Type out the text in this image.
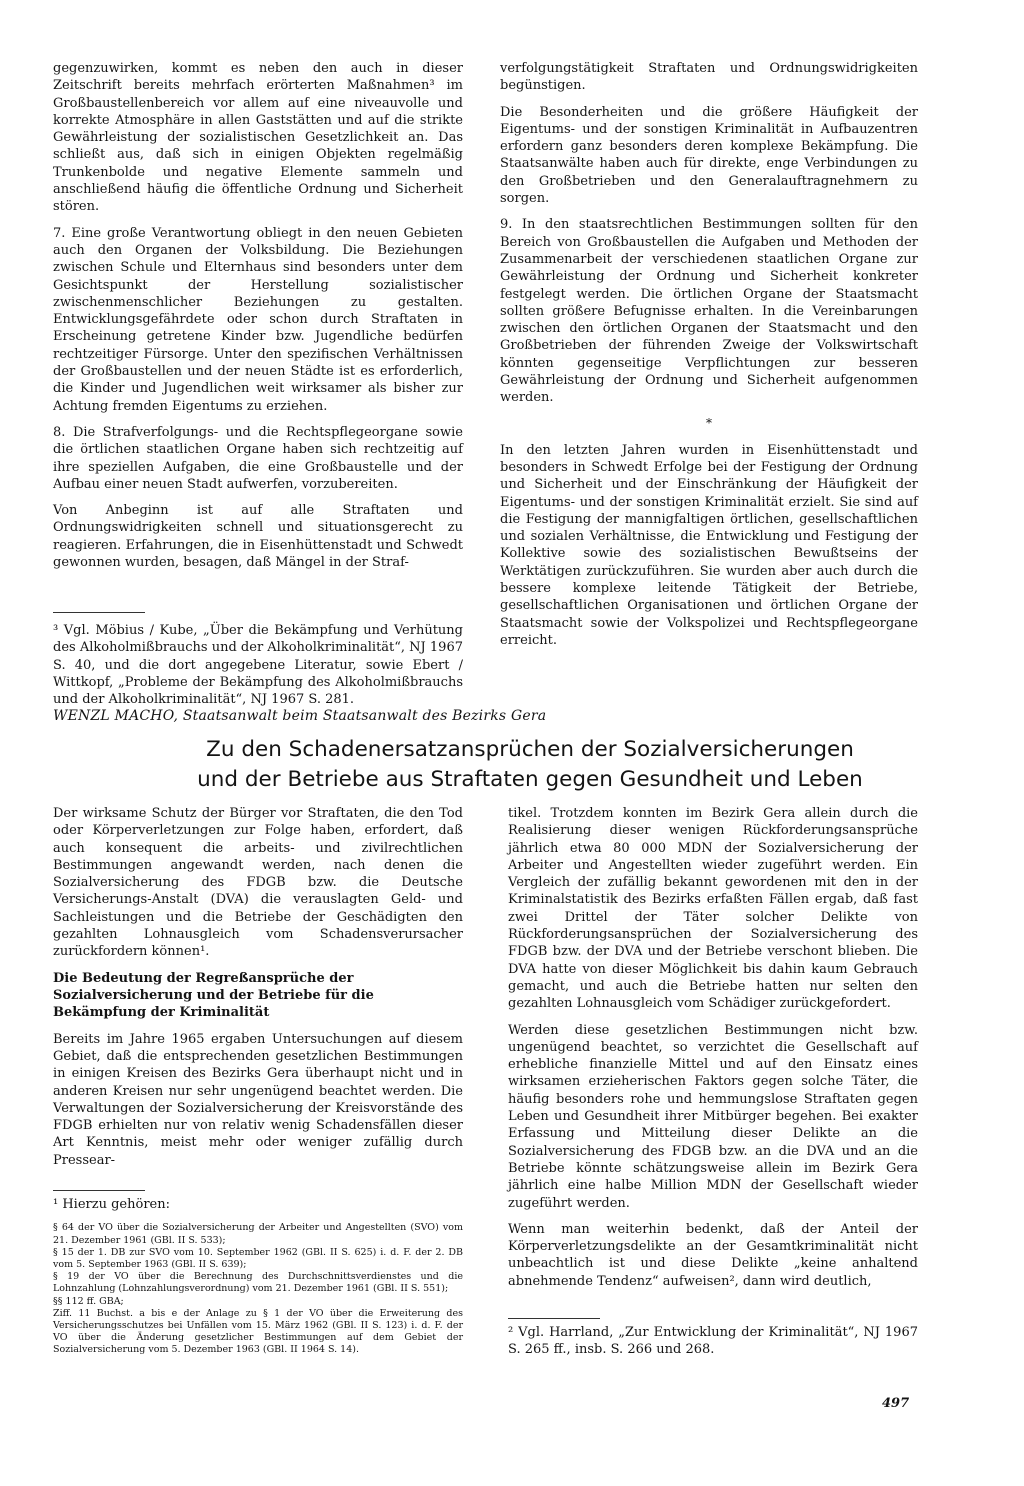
gegenzuwirken, kommt es neben den auch in dieser Zeitschrift bereits mehrfach erörterten Maßnahmen³ im Großbaustellenbereich vor allem auf eine niveauvolle und korrekte Atmosphäre in allen Gaststätten und auf die strikte Gewährleistung der sozialistischen Gesetzlichkeit an. Das schließt aus, daß sich in einigen Objekten regelmäßig Trunkenbolde und negative Elemente sammeln und anschließend häufig die öffentliche Ordnung und Sicherheit stören.

7. Eine große Verantwortung obliegt in den neuen Gebieten auch den Organen der Volksbildung. Die Beziehungen zwischen Schule und Elternhaus sind besonders unter dem Gesichtspunkt der Herstellung sozialistischer zwischenmenschlicher Beziehungen zu gestalten. Entwicklungsgefährdete oder schon durch Straftaten in Erscheinung getretene Kinder bzw. Jugendliche bedürfen rechtzeitiger Fürsorge. Unter den spezifischen Verhältnissen der Großbaustellen und der neuen Städte ist es erforderlich, die Kinder und Jugendlichen weit wirksamer als bisher zur Achtung fremden Eigentums zu erziehen.

8. Die Strafverfolgungs- und die Rechtspflegeorgane sowie die örtlichen staatlichen Organe haben sich rechtzeitig auf ihre speziellen Aufgaben, die eine Großbaustelle und der Aufbau einer neuen Stadt aufwerfen, vorzubereiten.

Von Anbeginn ist auf alle Straftaten und Ordnungswidrigkeiten schnell und situationsgerecht zu reagieren. Erfahrungen, die in Eisenhüttenstadt und Schwedt gewonnen wurden, besagen, daß Mängel in der Straf-

³ Vgl. Möbius / Kube, „Über die Bekämpfung und Verhütung des Alkoholmißbrauchs und der Alkoholkriminalität“, NJ 1967 S. 40, und die dort angegebene Literatur, sowie Ebert / Wittkopf, „Probleme der Bekämpfung des Alkoholmißbrauchs und der Alkoholkriminalität“, NJ 1967 S. 281.

verfolgungstätigkeit Straftaten und Ordnungswidrigkeiten begünstigen.

Die Besonderheiten und die größere Häufigkeit der Eigentums- und der sonstigen Kriminalität in Aufbauzentren erfordern ganz besonders deren komplexe Bekämpfung. Die Staatsanwälte haben auch für direkte, enge Verbindungen zu den Großbetrieben und den Generalauftragnehmern zu sorgen.

9. In den staatsrechtlichen Bestimmungen sollten für den Bereich von Großbaustellen die Aufgaben und Methoden der Zusammenarbeit der verschiedenen staatlichen Organe zur Gewährleistung der Ordnung und Sicherheit konkreter festgelegt werden. Die örtlichen Organe der Staatsmacht sollten größere Befugnisse erhalten. In die Vereinbarungen zwischen den örtlichen Organen der Staatsmacht und den Großbetrieben der führenden Zweige der Volkswirtschaft könnten gegenseitige Verpflichtungen zur besseren Gewährleistung der Ordnung und Sicherheit aufgenommen werden.

*

In den letzten Jahren wurden in Eisenhüttenstadt und besonders in Schwedt Erfolge bei der Festigung der Ordnung und Sicherheit und der Einschränkung der Häufigkeit der Eigentums- und der sonstigen Kriminalität erzielt. Sie sind auf die Festigung der mannigfaltigen örtlichen, gesellschaftlichen und sozialen Verhältnisse, die Entwicklung und Festigung der Kollektive sowie des sozialistischen Bewußtseins der Werktätigen zurückzuführen. Sie wurden aber auch durch die bessere komplexe leitende Tätigkeit der Betriebe, gesellschaftlichen Organisationen und örtlichen Organe der Staatsmacht sowie der Volkspolizei und Rechtspflegeorgane erreicht.

WENZL MACHO, Staatsanwalt beim Staatsanwalt des Bezirks Gera
Zu den Schadenersatzansprüchen der Sozialversicherungen
und der Betriebe aus Straftaten gegen Gesundheit und Leben

Der wirksame Schutz der Bürger vor Straftaten, die den Tod oder Körperverletzungen zur Folge haben, erfordert, daß auch konsequent die arbeits- und zivilrechtlichen Bestimmungen angewandt werden, nach denen die Sozialversicherung des FDGB bzw. die Deutsche Versicherungs-Anstalt (DVA) die verauslagten Geld- und Sachleistungen und die Betriebe der Geschädigten den gezahlten Lohnausgleich vom Schadensverursacher zurückfordern können¹.

Die Bedeutung der Regreßansprüche der Sozialversicherung und der Betriebe für die Bekämpfung der Kriminalität

Bereits im Jahre 1965 ergaben Untersuchungen auf diesem Gebiet, daß die entsprechenden gesetzlichen Bestimmungen in einigen Kreisen des Bezirks Gera überhaupt nicht und in anderen Kreisen nur sehr ungenügend beachtet werden. Die Verwaltungen der Sozialversicherung der Kreisvorstände des FDGB erhielten nur von relativ wenig Schadensfällen dieser Art Kenntnis, meist mehr oder weniger zufällig durch Pressear-

¹ Hierzu gehören:

§ 64 der VO über die Sozialversicherung der Arbeiter und Angestellten (SVO) vom 21. Dezember 1961 (GBl. II S. 533);
§ 15 der 1. DB zur SVO vom 10. September 1962 (GBl. II S. 625) i. d. F. der 2. DB vom 5. September 1963 (GBl. II S. 639);
§ 19 der VO über die Berechnung des Durchschnittsverdienstes und die Lohnzahlung (Lohnzahlungsverordnung) vom 21. Dezember 1961 (GBl. II S. 551);
§§ 112 ff. GBA;
Ziff. 11 Buchst. a bis e der Anlage zu § 1 der VO über die Erweiterung des Versicherungsschutzes bei Unfällen vom 15. März 1962 (GBl. II S. 123) i. d. F. der VO über die Änderung gesetzlicher Bestimmungen auf dem Gebiet der Sozialversicherung vom 5. Dezember 1963 (GBl. II 1964 S. 14).

tikel. Trotzdem konnten im Bezirk Gera allein durch die Realisierung dieser wenigen Rückforderungsansprüche jährlich etwa 80 000 MDN der Sozialversicherung der Arbeiter und Angestellten wieder zugeführt werden. Ein Vergleich der zufällig bekannt gewordenen mit den in der Kriminalstatistik des Bezirks erfaßten Fällen ergab, daß fast zwei Drittel der Täter solcher Delikte von Rückforderungsansprüchen der Sozialversicherung des FDGB bzw. der DVA und der Betriebe verschont blieben. Die DVA hatte von dieser Möglichkeit bis dahin kaum Gebrauch gemacht, und auch die Betriebe hatten nur selten den gezahlten Lohnausgleich vom Schädiger zurückgefordert.

Werden diese gesetzlichen Bestimmungen nicht bzw. ungenügend beachtet, so verzichtet die Gesellschaft auf erhebliche finanzielle Mittel und auf den Einsatz eines wirksamen erzieherischen Faktors gegen solche Täter, die häufig besonders rohe und hemmungslose Straftaten gegen Leben und Gesundheit ihrer Mitbürger begehen. Bei exakter Erfassung und Mitteilung dieser Delikte an die Sozialversicherung des FDGB bzw. an die DVA und an die Betriebe könnte schätzungsweise allein im Bezirk Gera jährlich eine halbe Million MDN der Gesellschaft wieder zugeführt werden.

Wenn man weiterhin bedenkt, daß der Anteil der Körperverletzungsdelikte an der Gesamtkriminalität nicht unbeachtlich ist und diese Delikte „keine anhaltend abnehmende Tendenz“ aufweisen², dann wird deutlich,

² Vgl. Harrland, „Zur Entwicklung der Kriminalität“, NJ 1967 S. 265 ff., insb. S. 266 und 268.

497
